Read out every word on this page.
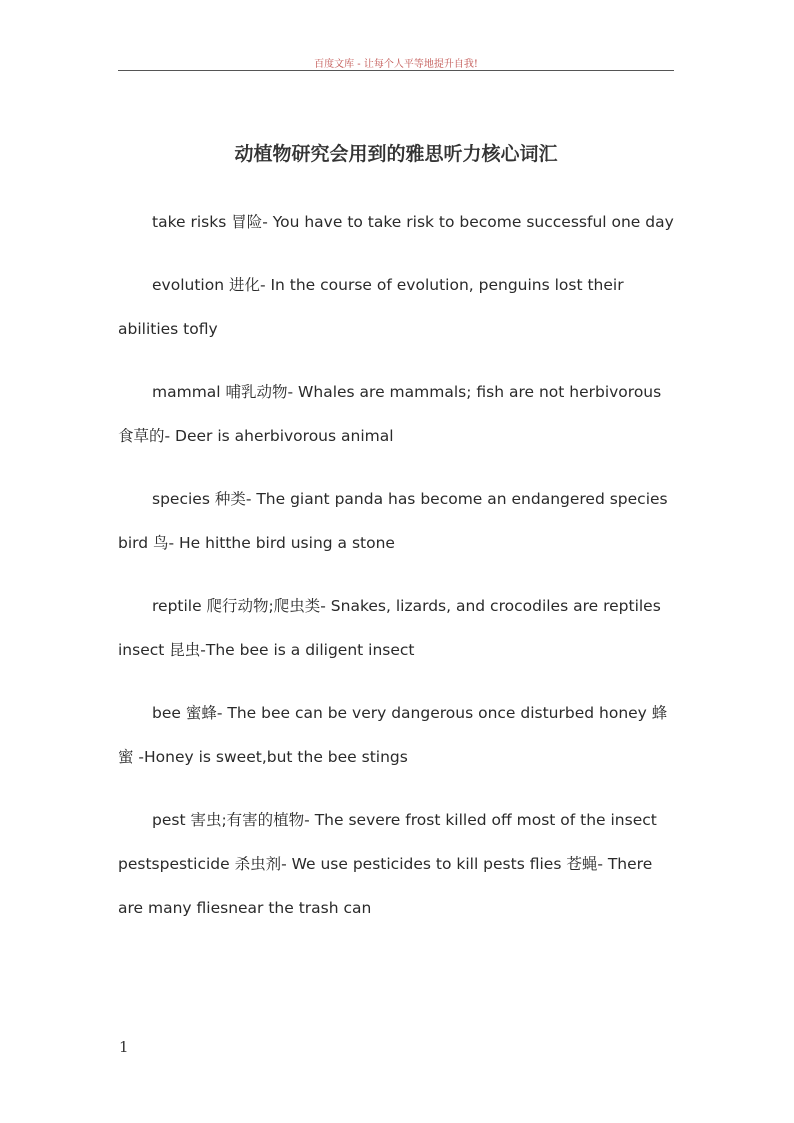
百度文库 - 让每个人平等地提升自我!
动植物研究会用到的雅思听力核心词汇

take risks 冒险- You have to take risk to become successful one day

evolution 进化- In the course of evolution, penguins lost their abilities tofly

mammal 哺乳动物- Whales are mammals; fish are not herbivorous 食草的- Deer is aherbivorous animal

species 种类- The giant panda has become an endangered species bird 鸟- He hitthe bird using a stone

reptile 爬行动物;爬虫类- Snakes, lizards, and crocodiles are reptiles insect 昆虫-The bee is a diligent insect

bee 蜜蜂- The bee can be very dangerous once disturbed honey 蜂蜜 -Honey is sweet,but the bee stings

pest 害虫;有害的植物- The severe frost killed off most of the insect pestspesticide 杀虫剂- We use pesticides to kill pests flies 苍蝇- There are many fliesnear the trash can

1
